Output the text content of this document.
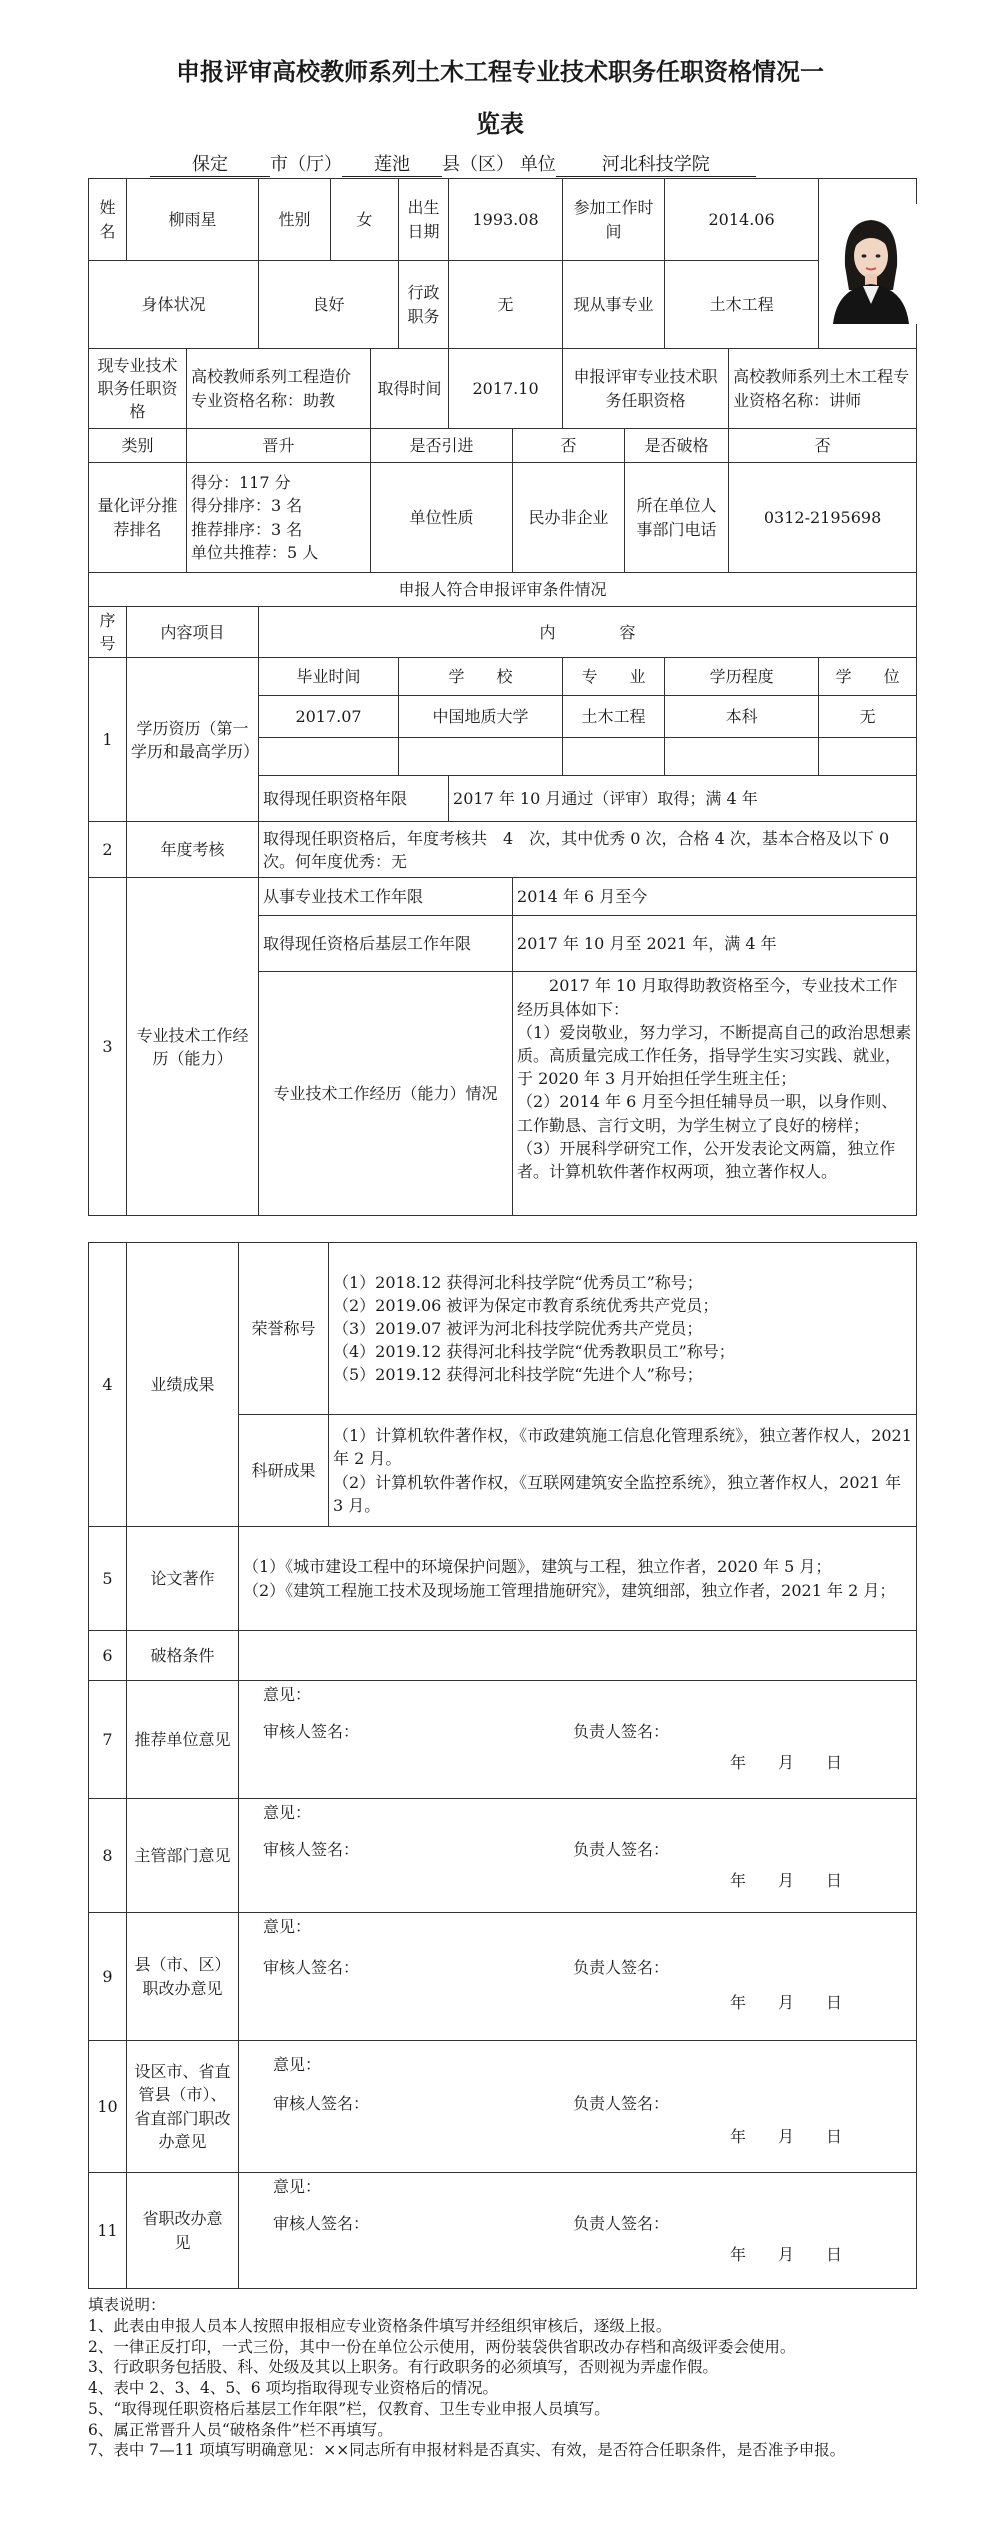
申报评审高校教师系列土木工程专业技术职务任职资格情况一
览表
保定 市（厅） 莲池 县（区） 单位	河北科技学院
姓名	柳雨星		性别	女		出生日期	1993.08		参加工作时间		2014.06	

身体状况			良好			行政职务	无		现从事专业		土木工程		
现专业技术职务任职资格		高校教师系列工程造价专业资格名称：助教			取得时间		2017.10		申报评审专业技术职务任职资格			高校教师系列土木工程专业资格名称：讲师	
类别		晋升			是否引进			否		是否破格		否	
量化评分推荐排名		得分：117 分
得分排序：3 名
推荐排序：3 名
单位共推荐：5 人			单位性质			民办非企业		所在单位人事部门电话		0312-2195698	
申报人符合申报评审条件情况													
序号	内容项目		内　　　　容										
1	学历资历（第一学历和最高学历）		毕业时间			学　　校			专　　业		学历程度		学　　位
			2017.07			中国地质大学			土木工程		本科		无

			取得现任职资格年限				2017 年 10 月通过（评审）取得；满 4 年						
2	年度考核		取得现任职资格后，年度考核共　4　次，其中优秀 0 次，合格 4 次，基本合格及以下 0 次。何年度优秀：无										
3	专业技术工作经历（能力）		从事专业技术工作年限					2014 年 6 月至今					
			取得现任资格后基层工作年限					2017 年 10 月至 2021 年，满 4 年					
			专业技术工作经历（能力）情况					　　2017 年 10 月取得助教资格至今，专业技术工作经历具体如下：
（1）爱岗敬业，努力学习，不断提高自己的政治思想素质。高质量完成工作任务，指导学生实习实践、就业，于 2020 年 3 月开始担任学生班主任；
（2）2014 年 6 月至今担任辅导员一职，以身作则、工作勤恳、言行文明，为学生树立了良好的榜样；
（3）开展科学研究工作，公开发表论文两篇，独立作者。计算机软件著作权两项，独立著作权人。					
4	业绩成果	荣誉称号	（1）2018.12 获得河北科技学院“优秀员工”称号；
（2）2019.06 被评为保定市教育系统优秀共产党员；
（3）2019.07 被评为河北科技学院优秀共产党员；
（4）2019.12 获得河北科技学院“优秀教职员工”称号；
（5）2019.12 获得河北科技学院“先进个人”称号；

		科研成果	（1）计算机软件著作权，《市政建筑施工信息化管理系统》，独立著作权人，2021 年 2 月。
（2）计算机软件著作权，《互联网建筑安全监控系统》，独立著作权人，2021 年 3 月。

5	论文著作	（1）《城市建设工程中的环境保护问题》，建筑与工程，独立作者，2020 年 5 月；
（2）《建筑工程施工技术及现场施工管理措施研究》，建筑细部，独立作者，2021 年 2 月；	

6	破格条件		
7	推荐单位意见	意见：
审核人签名： 负责人签名：
年　　月　　日	

8	主管部门意见	意见：
审核人签名： 负责人签名：
年　　月　　日	

9	县（市、区）职改办意见	意见：
审核人签名： 负责人签名：
年　　月　　日	

10	设区市、省直管县（市）、省直部门职改办意见	意见：
审核人签名： 负责人签名：
年　　月　　日	

11	省职改办意　　见	意见：
审核人签名： 负责人签名：
年　　月　　日	
填表说明：
1、此表由申报人员本人按照申报相应专业资格条件填写并经组织审核后，逐级上报。
2、一律正反打印，一式三份，其中一份在单位公示使用，两份装袋供省职改办存档和高级评委会使用。
3、行政职务包括股、科、处级及其以上职务。有行政职务的必须填写，否则视为弄虚作假。
4、表中 2、3、4、5、6 项均指取得现专业资格后的情况。
5、“取得现任职资格后基层工作年限”栏，仅教育、卫生专业申报人员填写。
6、属正常晋升人员“破格条件”栏不再填写。
7、表中 7—11 项填写明确意见：××同志所有申报材料是否真实、有效，是否符合任职条件，是否准予申报。
